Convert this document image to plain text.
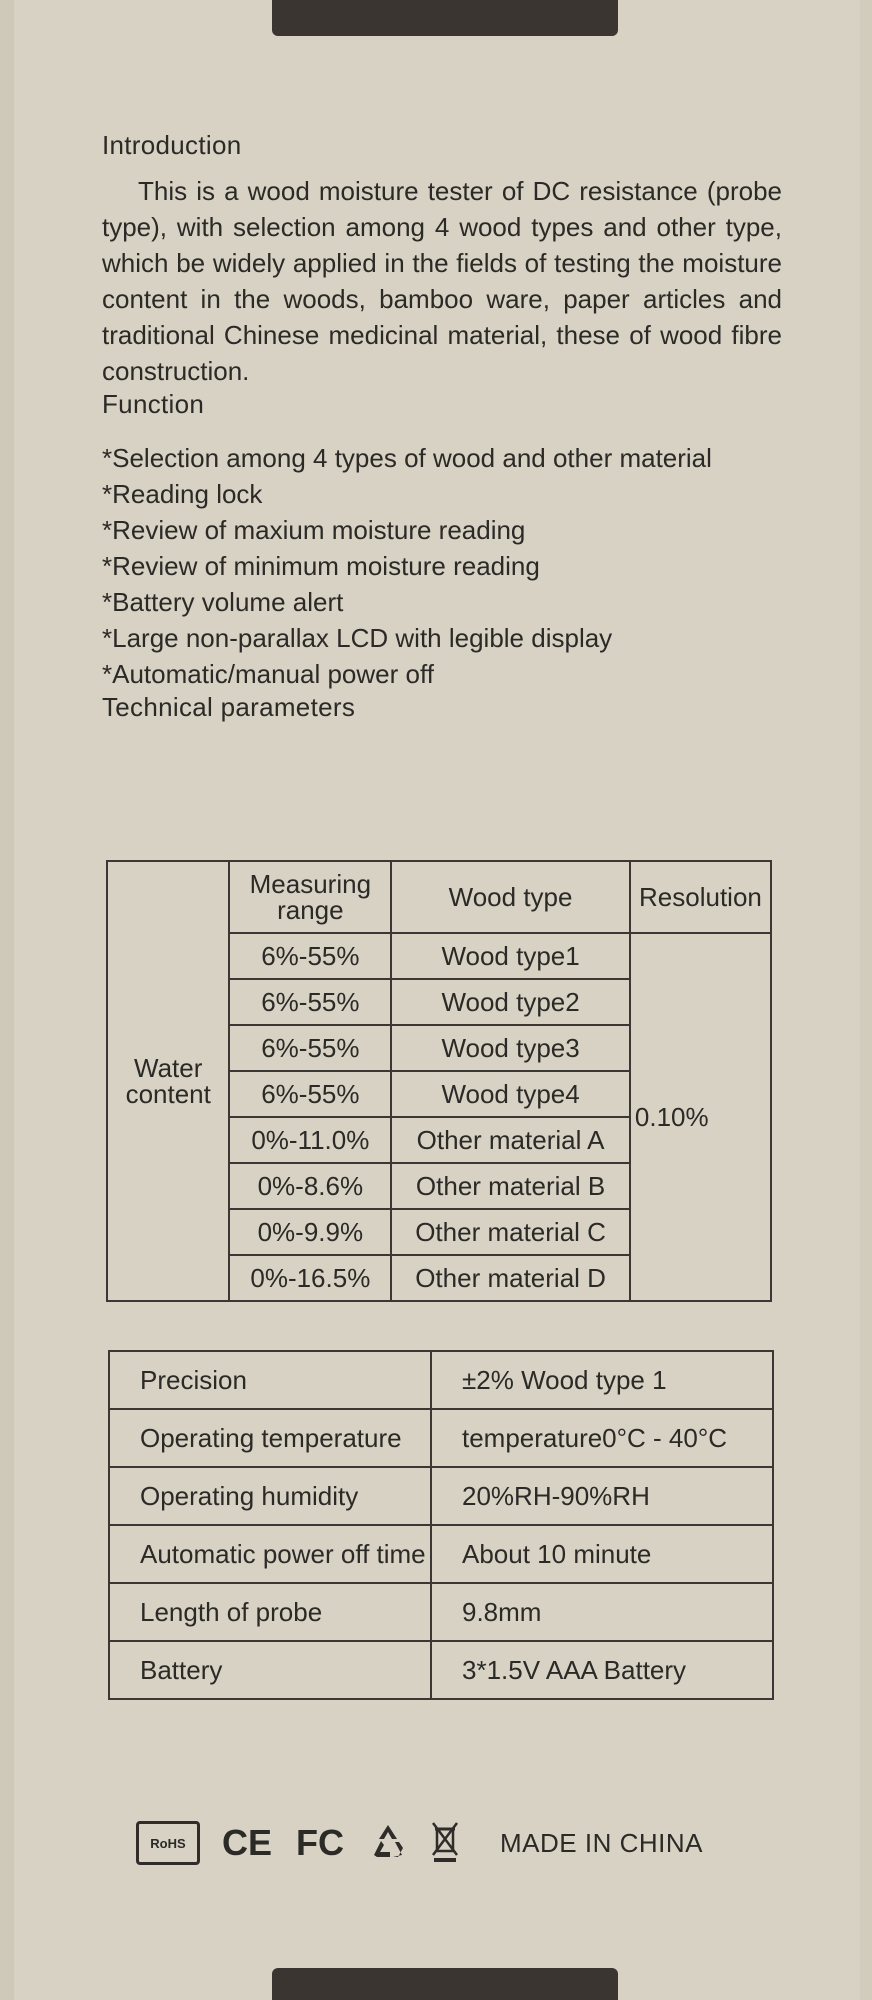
Introduction

This is a wood moisture tester of DC resistance (probe type), with selection among 4 wood types and other type, which be widely applied in the fields of testing the moisture content in the woods, bamboo ware, paper articles and traditional Chinese medicinal material, these of wood fibre construction.

Function
*Selection among 4 types of wood and other material
*Reading lock
*Review of maxium moisture reading
*Review of minimum moisture reading
*Battery volume alert
*Large non-parallax LCD with legible display
*Automatic/manual power off
Technical parameters
Water content	Measuring range	Wood type	Resolution
	6%-55%	Wood type1	0.10%
	6%-55%	Wood type2	
	6%-55%	Wood type3	
	6%-55%	Wood type4	
	0%-11.0%	Other material A	
	0%-8.6%	Other material B	
	0%-9.9%	Other material C	
	0%-16.5%	Other material D	
Precision	±2% Wood type 1
Operating temperature	temperature0°C - 40°C
Operating humidity	20%RH-90%RH
Automatic power off time	About 10 minute
Length of probe	9.8mm
Battery	3*1.5V AAA Battery
RoHS	CE FC	MADE IN CHINA
